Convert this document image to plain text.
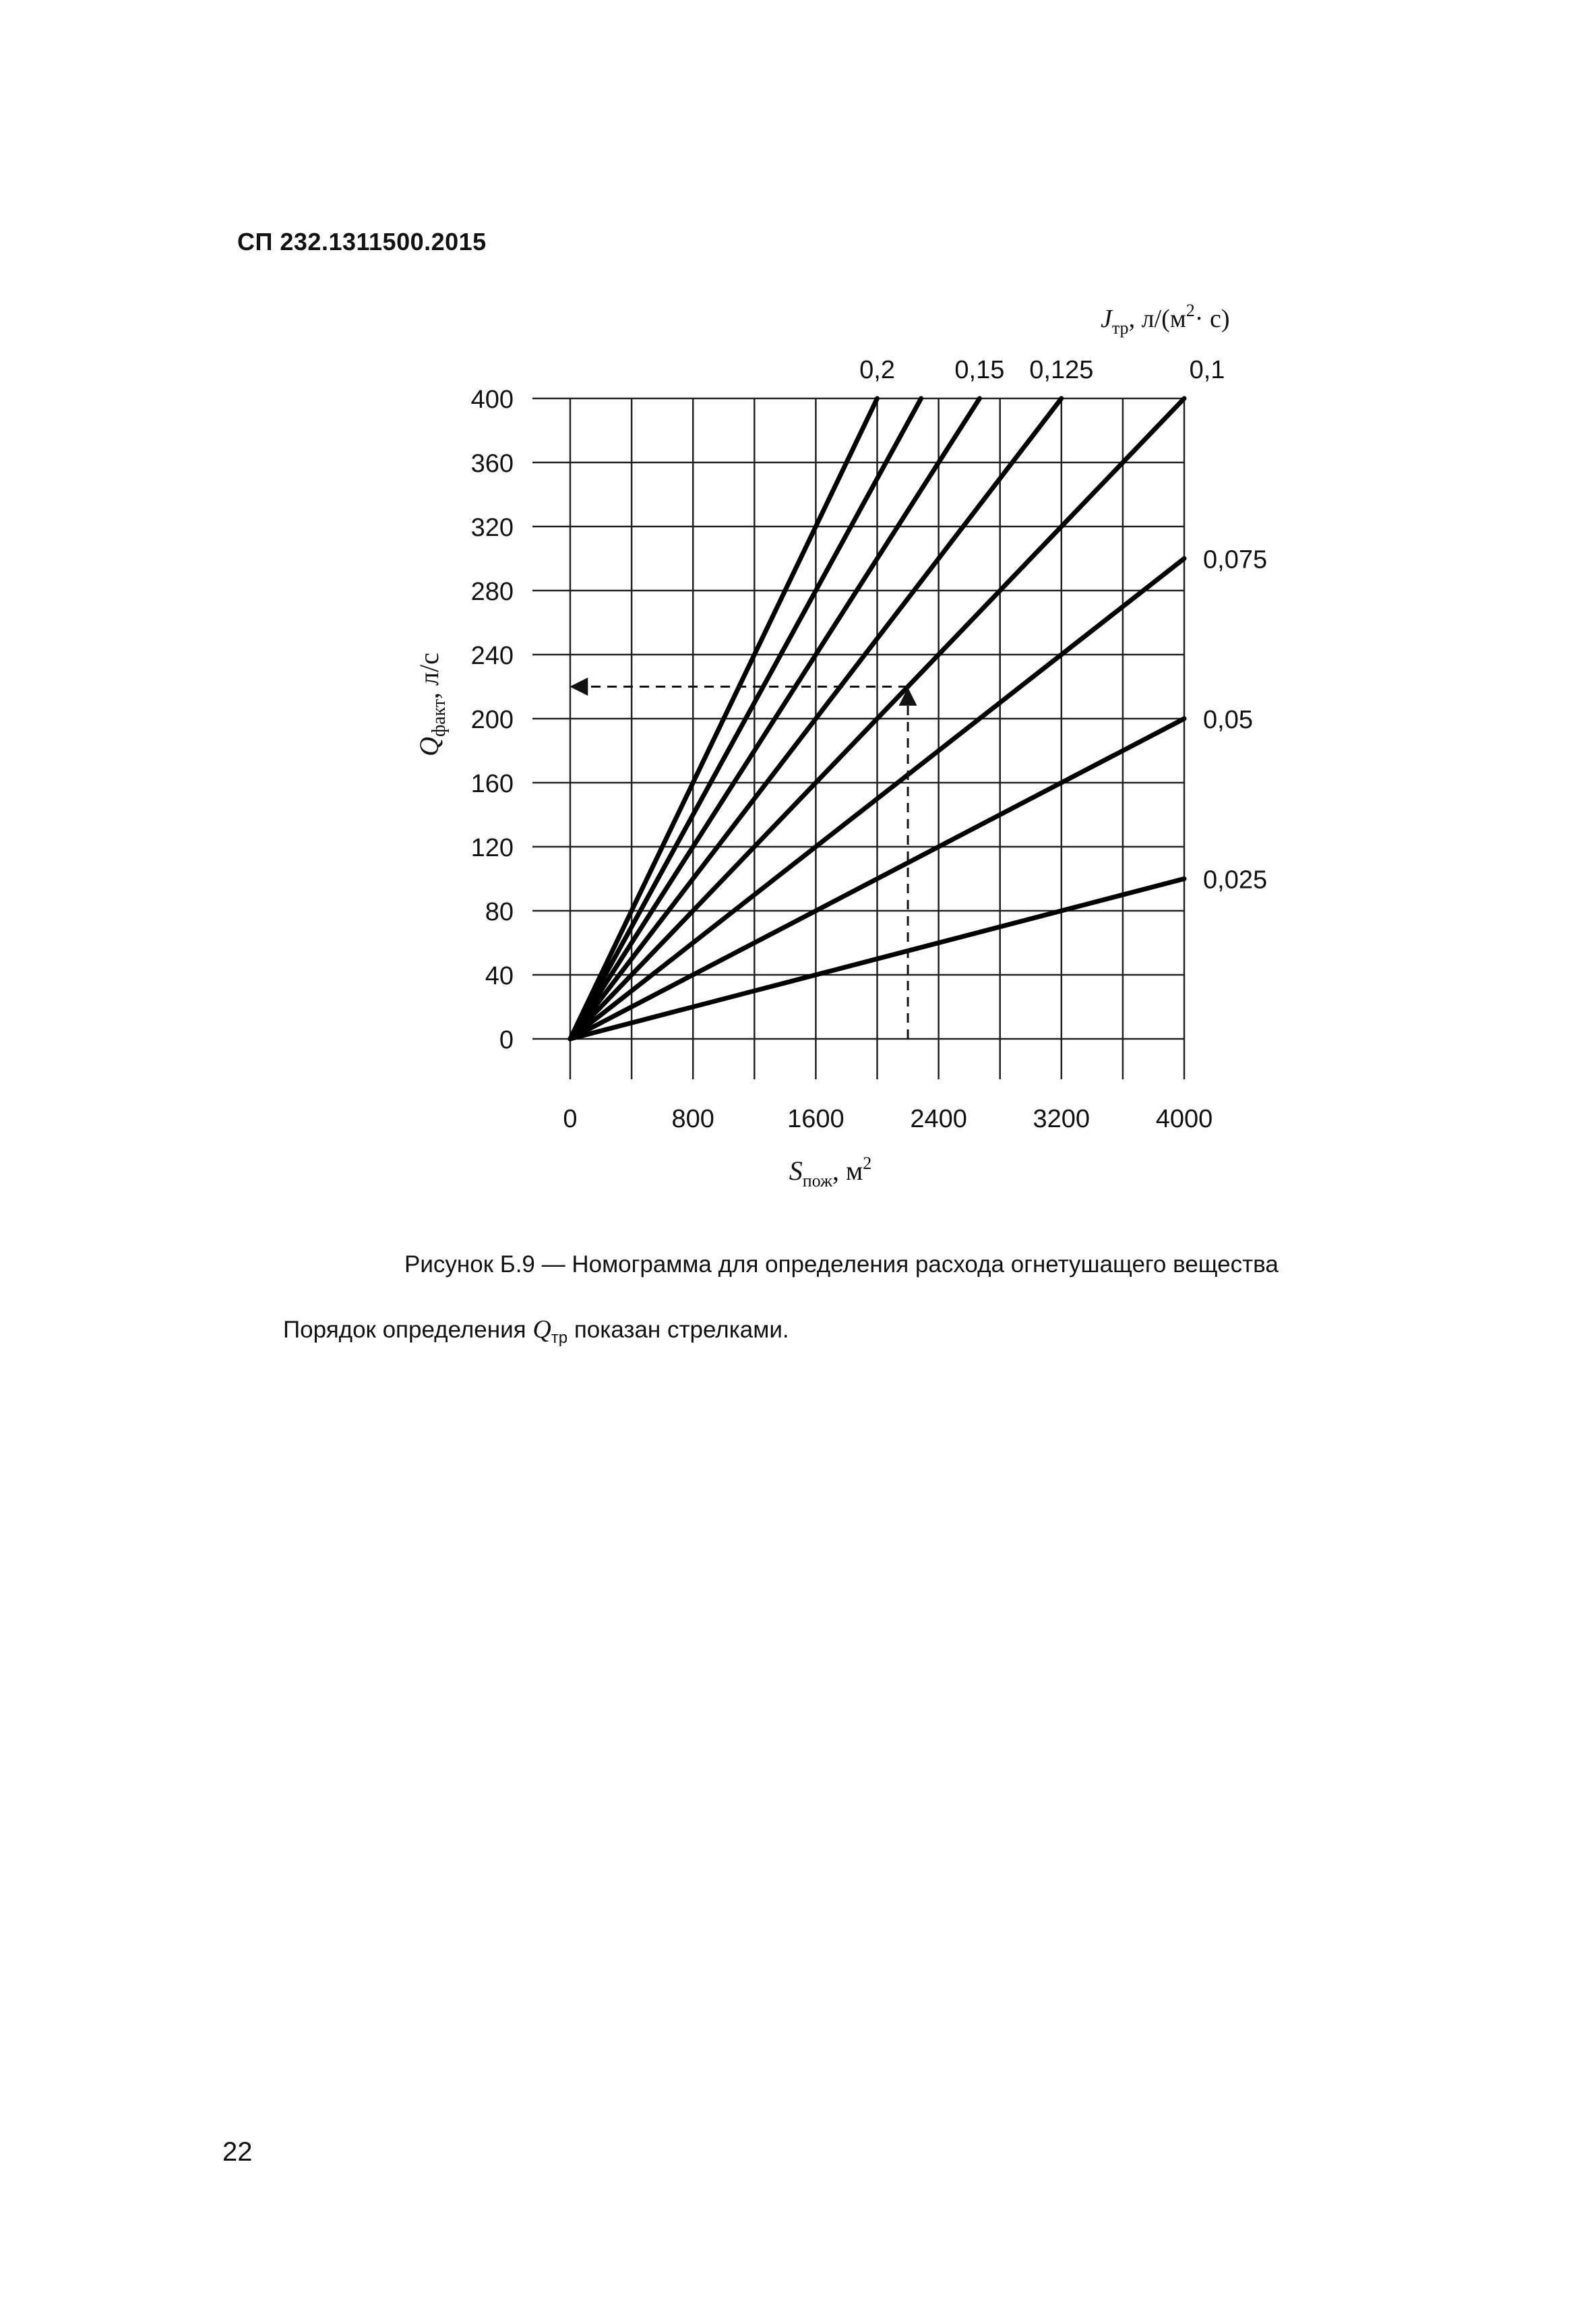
СП 232.1311500.2015
0
40
80
120
160
200
240
280
320
360
400
0	800	1600	2400	3200	4000
0,2 0,15 0,125	0,1
0,075
0,05
0,025
$J_{тр}$, $л/(м^2\cdot с)$
$Q_{факт}$, л/с
$S_{пож}$, $м^2$
Рисунок Б.9 — Номограмма для определения расхода огнетушащего вещества
Порядок определения $Q_{тр}$ показан стрелками.
22
